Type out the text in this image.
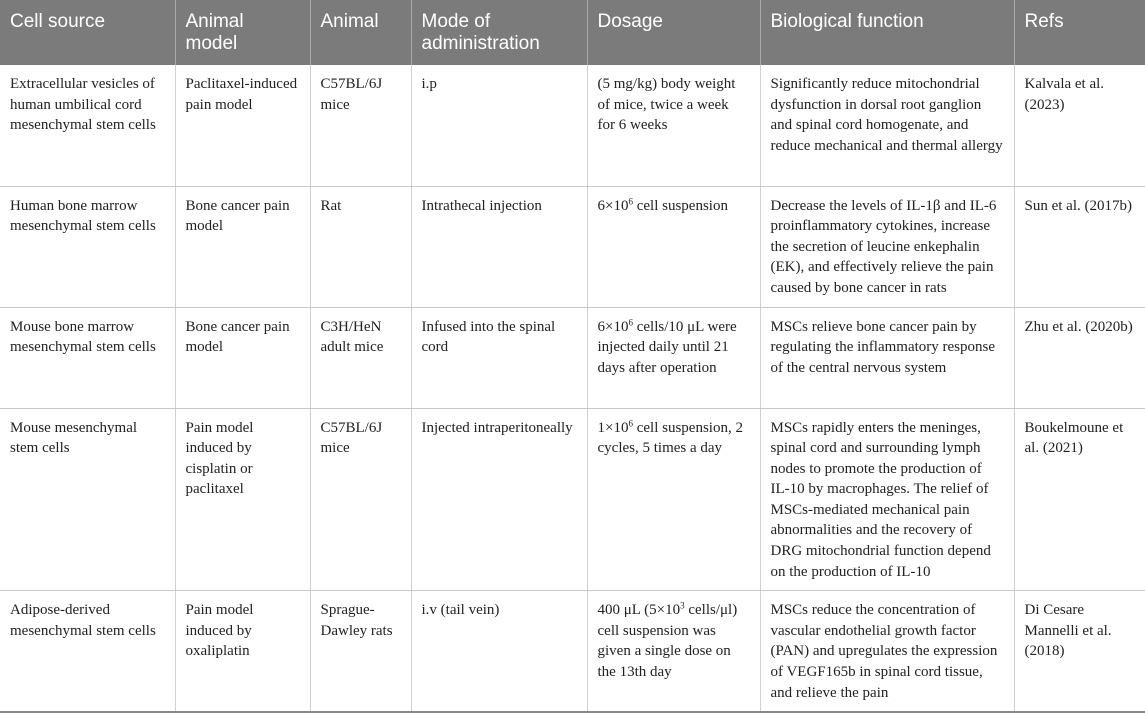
Cell source	Animal model	Animal	Mode of administration	Dosage	Biological function	Refs
Extracellular vesicles of human umbilical cord mesenchymal stem cells	Paclitaxel-induced pain model	C57BL/6J mice	i.p	(5 mg/kg) body weight of mice, twice a week for 6 weeks	Significantly reduce mitochondrial dysfunction in dorsal root ganglion and spinal cord homogenate, and reduce mechanical and thermal allergy	Kalvala et al. (2023)
Human bone marrow mesenchymal stem cells	Bone cancer pain model	Rat	Intrathecal injection	$6\times 10^6$ cell suspension	Decrease the levels of IL-1β and IL-6 proinflammatory cytokines, increase the secretion of leucine enkephalin (EK), and effectively relieve the pain caused by bone cancer in rats	Sun et al. (2017b)
Mouse bone marrow mesenchymal stem cells	Bone cancer pain model	C3H/HeN adult mice	Infused into the spinal cord	$6\times 10^6$ cells/10 μL were injected daily until 21 days after operation	MSCs relieve bone cancer pain by regulating the inflammatory response of the central nervous system	Zhu et al. (2020b)
Mouse mesenchymal stem cells	Pain model induced by cisplatin or paclitaxel	C57BL/6J mice	Injected intraperitoneally	$1\times 10^6$ cell suspension, 2 cycles, 5 times a day	MSCs rapidly enters the meninges, spinal cord and surrounding lymph nodes to promote the production of IL-10 by macrophages. The relief of MSCs-mediated mechanical pain abnormalities and the recovery of DRG mitochondrial function depend on the production of IL-10	Boukelmoune et al. (2021)
Adipose-derived mesenchymal stem cells	Pain model induced by oxaliplatin	Sprague-Dawley rats	i.v (tail vein)	400 μL ($5\times 10^3$ cells/μl) cell suspension was given a single dose on the 13th day	MSCs reduce the concentration of vascular endothelial growth factor (PAN) and upregulates the expression of VEGF165b in spinal cord tissue, and relieve the pain	Di Cesare Mannelli et al. (2018)
